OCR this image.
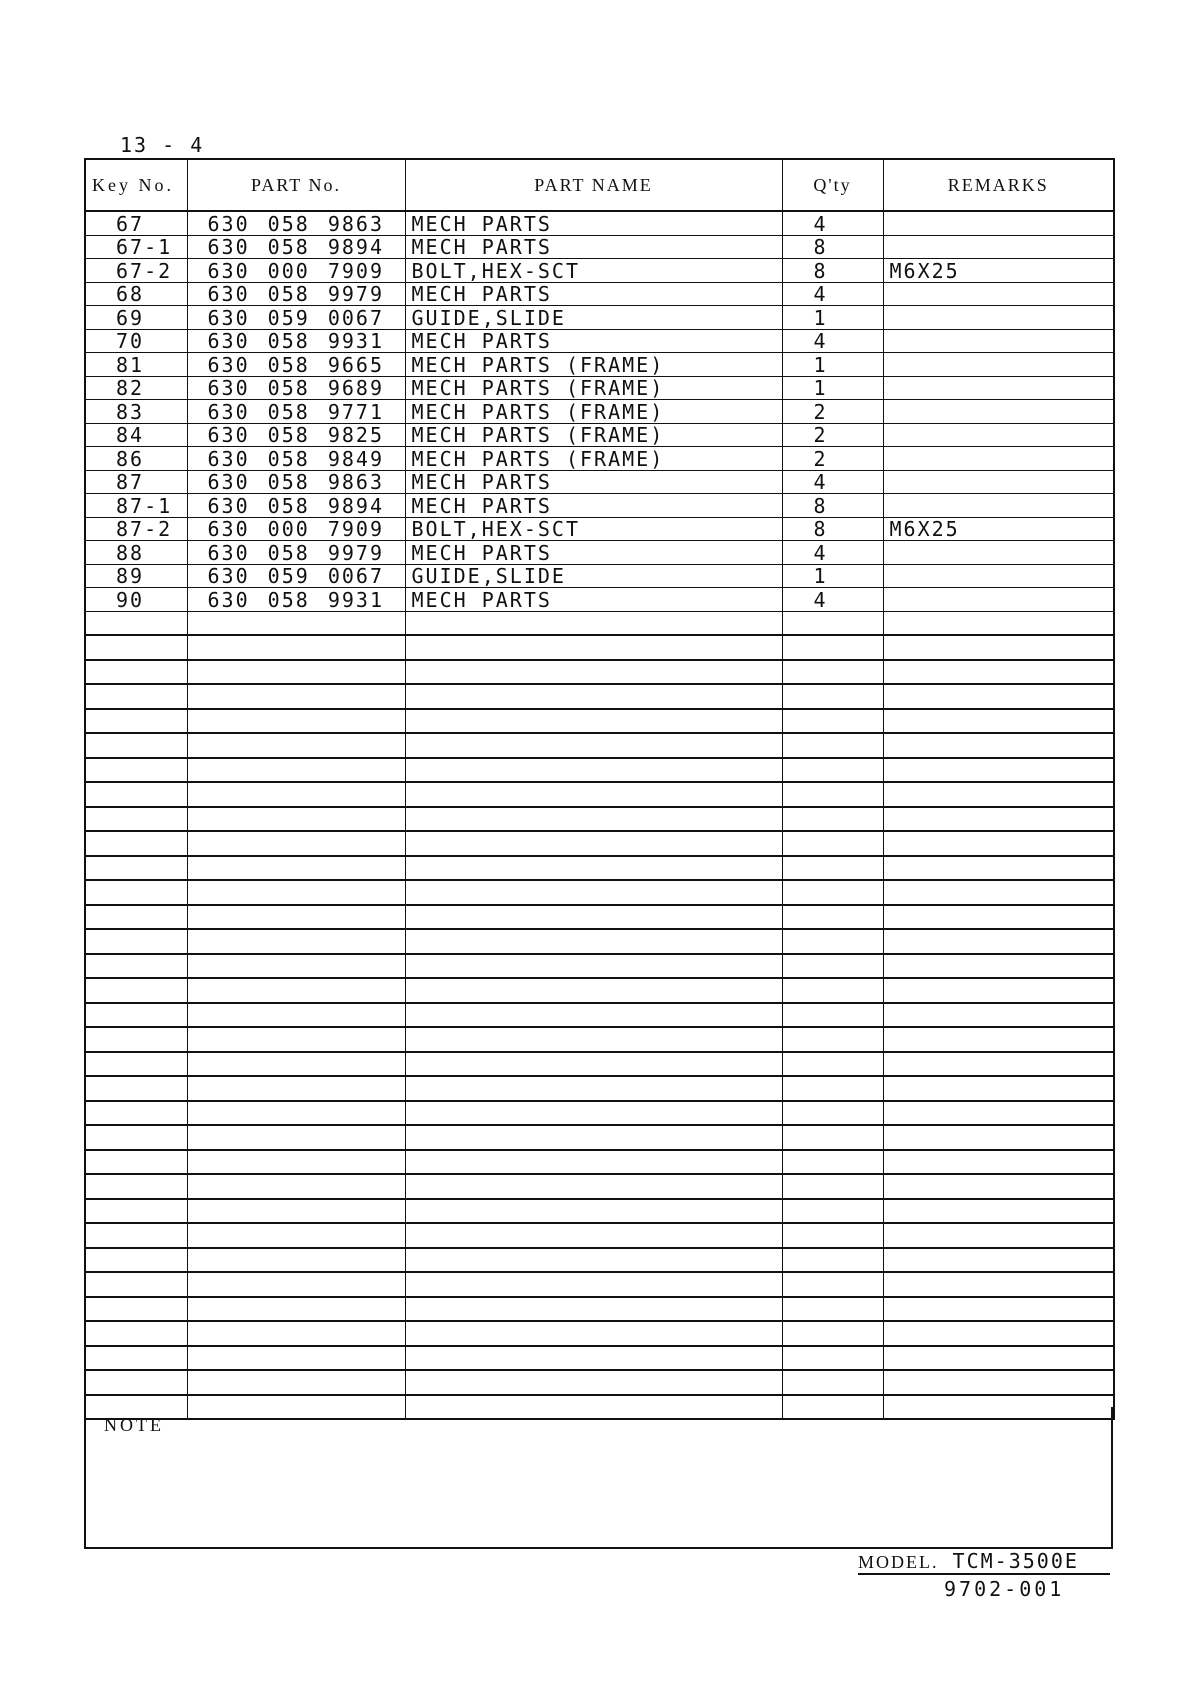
13 - 4
Key No.	PART No.	PART NAME	Q'ty	REMARKS
67	630 058 9863	MECH PARTS	4	
67-1	630 058 9894	MECH PARTS	8	
67-2	630 000 7909	BOLT,HEX-SCT	8	M6X25
68	630 058 9979	MECH PARTS	4	
69	630 059 0067	GUIDE,SLIDE	1	
70	630 058 9931	MECH PARTS	4	
81	630 058 9665	MECH PARTS (FRAME)	1	
82	630 058 9689	MECH PARTS (FRAME)	1	
83	630 058 9771	MECH PARTS (FRAME)	2	
84	630 058 9825	MECH PARTS (FRAME)	2	
86	630 058 9849	MECH PARTS (FRAME)	2	
87	630 058 9863	MECH PARTS	4	
87-1	630 058 9894	MECH PARTS	8	
87-2	630 000 7909	BOLT,HEX-SCT	8	M6X25
88	630 058 9979	MECH PARTS	4	
89	630 059 0067	GUIDE,SLIDE	1	
90	630 058 9931	MECH PARTS	4	

NOTE
MODEL. TCM-3500E
9702-001
